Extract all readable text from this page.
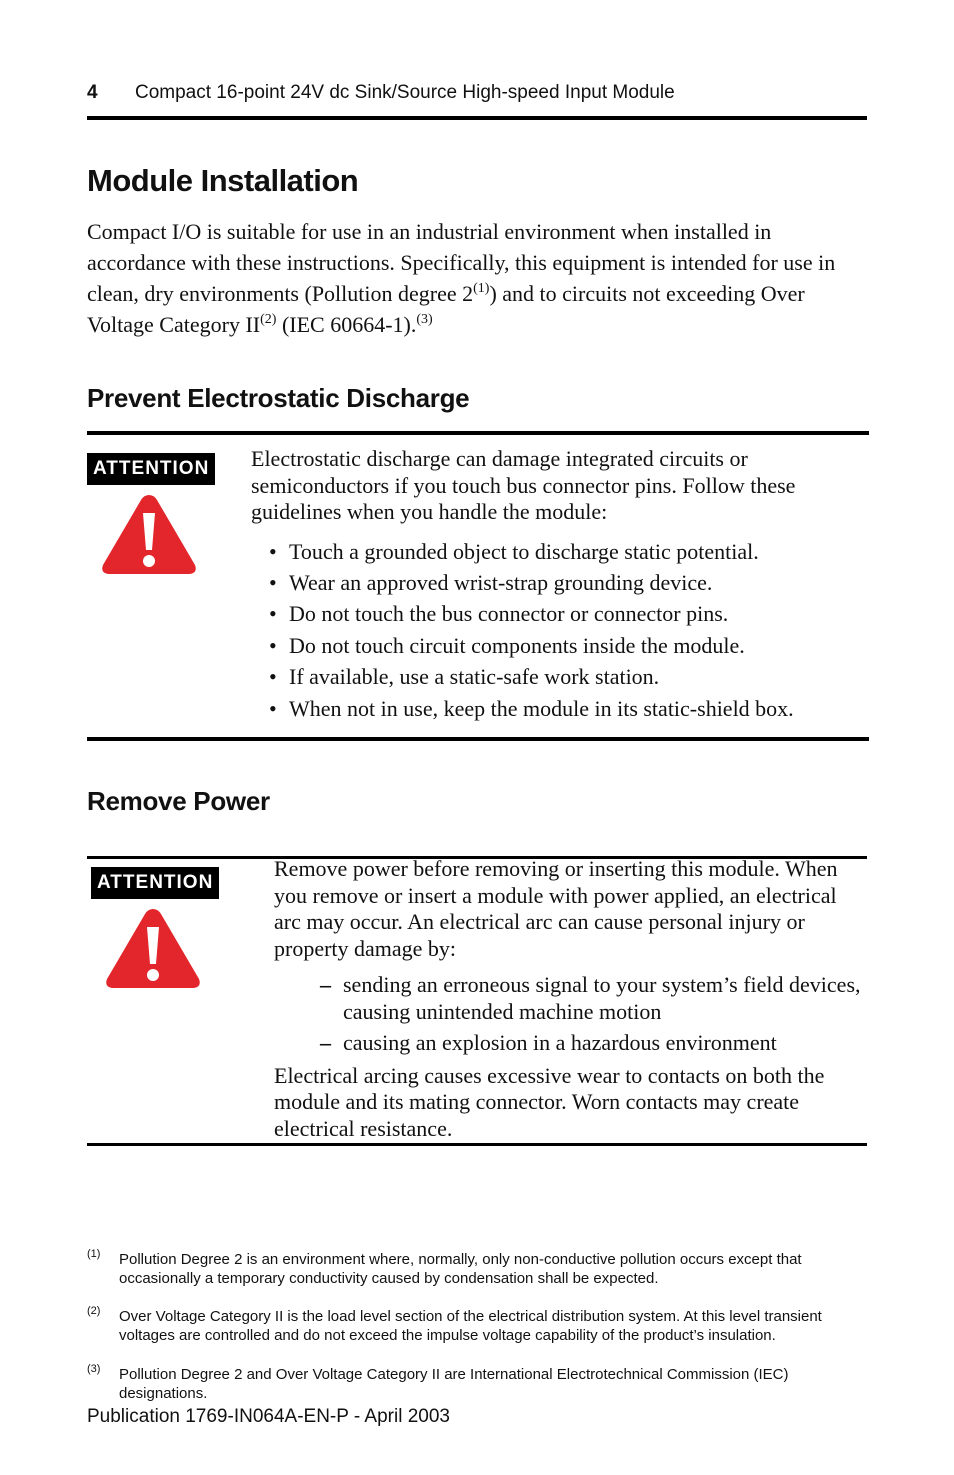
4 Compact 16-point 24V dc Sink/Source High-speed Input Module
Module Installation

Compact I/O is suitable for use in an industrial environment when installed in accordance with these instructions. Specifically, this equipment is intended for use in clean, dry environments (Pollution degree 2$^{(1)}$) and to circuits not exceeding Over Voltage Category II$^{(2)}$ (IEC 60664-1).$^{(3)}$

Prevent Electrostatic Discharge
ATTENTION Electrostatic discharge can damage integrated circuits or semiconductors if you touch bus connector pins. Follow these guidelines when you handle the module:

• Touch a grounded object to discharge static potential.
• Wear an approved wrist-strap grounding device.
• Do not touch the bus connector or connector pins.
• Do not touch circuit components inside the module.
• If available, use a static-safe work station.
• When not in use, keep the module in its static-shield box.
Remove Power
ATTENTION

Remove power before removing or inserting this module. When you remove or insert a module with power applied, an electrical arc may occur. An electrical arc can cause personal injury or property damage by:

– sending an erroneous signal to your system’s field devices, causing unintended machine motion
– causing an explosion in a hazardous environment

Electrical arcing causes excessive wear to contacts on both the module and its mating connector. Worn contacts may create electrical resistance.

(1) Pollution Degree 2 is an environment where, normally, only non-conductive pollution occurs except that occasionally a temporary conductivity caused by condensation shall be expected.
(2) Over Voltage Category II is the load level section of the electrical distribution system. At this level transient voltages are controlled and do not exceed the impulse voltage capability of the product’s insulation.
(3) Pollution Degree 2 and Over Voltage Category II are International Electrotechnical Commission (IEC) designations.
Publication 1769-IN064A-EN-P - April 2003
